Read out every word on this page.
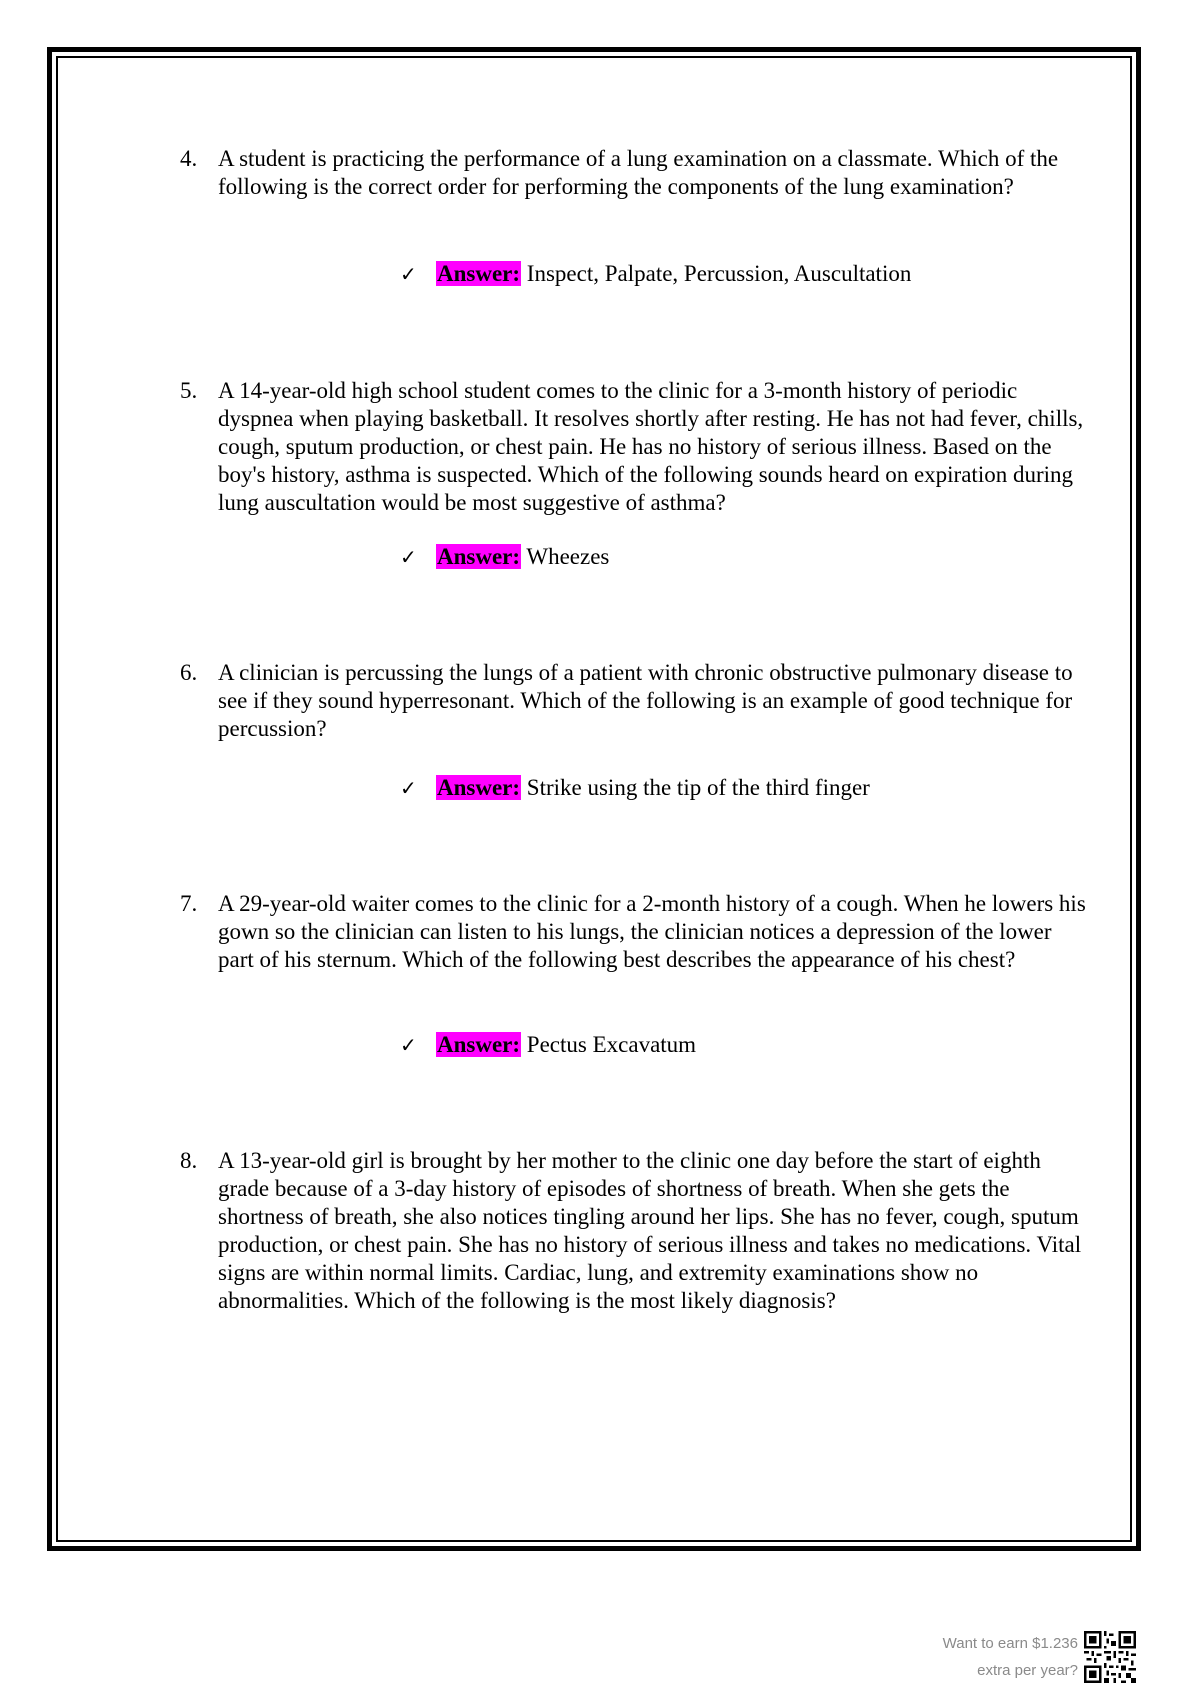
4. A student is practicing the performance of a lung examination on a classmate. Which of the following is the correct order for performing the components of the lung examination?
✓ Answer: Inspect, Palpate, Percussion, Auscultation
5. A 14-year-old high school student comes to the clinic for a 3-month history of periodic dyspnea when playing basketball. It resolves shortly after resting. He has not had fever, chills, cough, sputum production, or chest pain. He has no history of serious illness. Based on the boy's history, asthma is suspected. Which of the following sounds heard on expiration during lung auscultation would be most suggestive of asthma?
✓ Answer: Wheezes
6. A clinician is percussing the lungs of a patient with chronic obstructive pulmonary disease to see if they sound hyperresonant. Which of the following is an example of good technique for percussion?
✓ Answer: Strike using the tip of the third finger
7. A 29-year-old waiter comes to the clinic for a 2-month history of a cough. When he lowers his gown so the clinician can listen to his lungs, the clinician notices a depression of the lower part of his sternum. Which of the following best describes the appearance of his chest?
✓ Answer: Pectus Excavatum
8. A 13-year-old girl is brought by her mother to the clinic one day before the start of eighth grade because of a 3-day history of episodes of shortness of breath. When she gets the shortness of breath, she also notices tingling around her lips. She has no fever, cough, sputum production, or chest pain. She has no history of serious illness and takes no medications. Vital signs are within normal limits. Cardiac, lung, and extremity examinations show no abnormalities. Which of the following is the most likely diagnosis?
Want to earn $1.236
extra per year?
